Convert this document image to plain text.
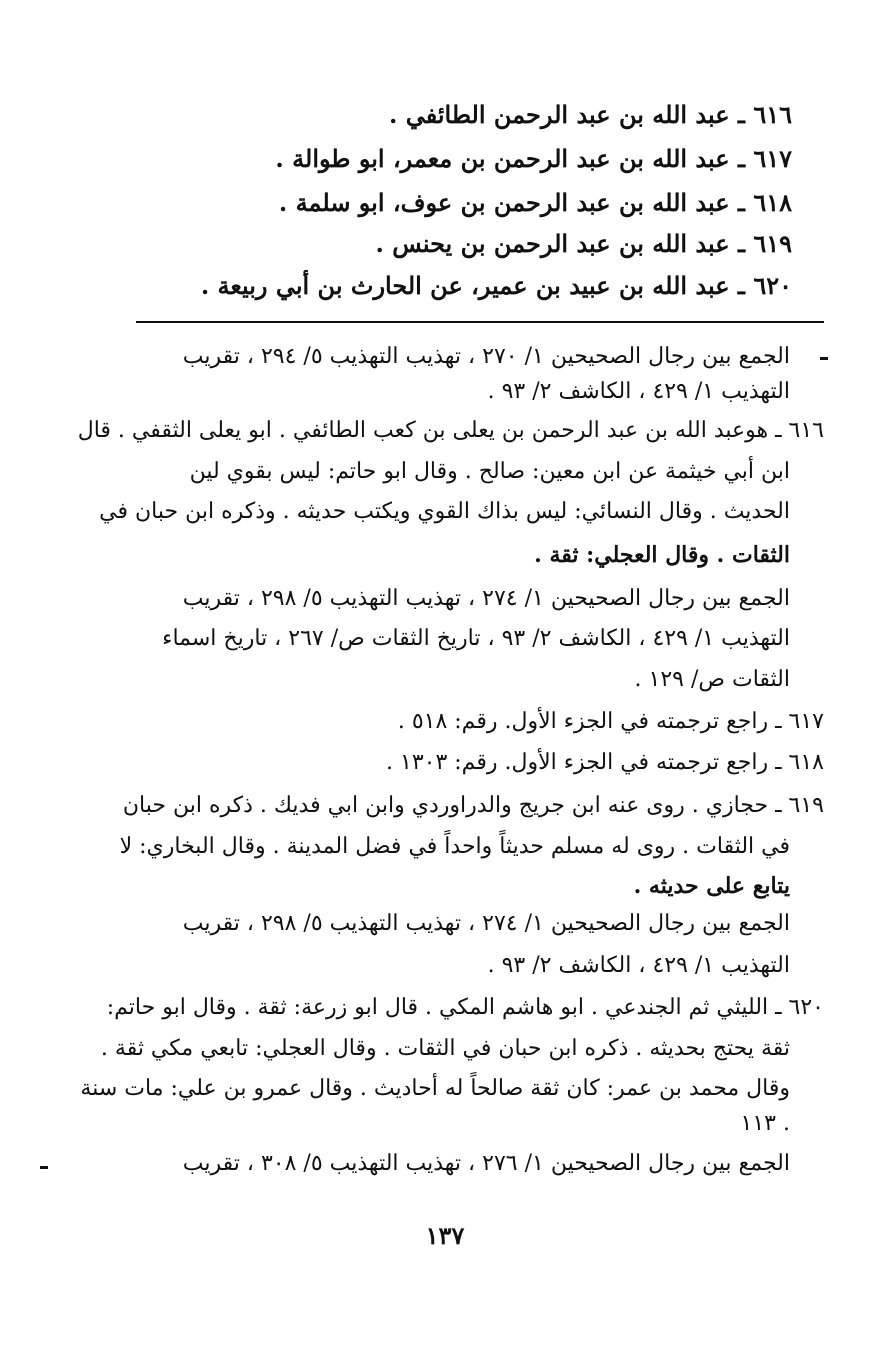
٦١٦ ـ عبد الله بن عبد الرحمن الطائفي .
٦١٧ ـ عبد الله بن عبد الرحمن بن معمر، ابو طوالة .
٦١٨ ـ عبد الله بن عبد الرحمن بن عوف، ابو سلمة .
٦١٩ ـ عبد الله بن عبد الرحمن بن يحنس .
٦٢٠ ـ عبد الله بن عبيد بن عمير، عن الحارث بن أبي ربيعة .
الجمع بين رجال الصحيحين ١/ ٢٧٠ ، تهذيب التهذيب ٥/ ٢٩٤ ، تقريب
التهذيب ١/ ٤٢٩ ، الكاشف ٢/ ٩٣ .
٦١٦ ـ هوعبد الله بن عبد الرحمن بن يعلى بن كعب الطائفي . ابو يعلى الثقفي . قال
ابن أبي خيثمة عن ابن معين: صالح . وقال ابو حاتم: ليس بقوي لين
الحديث . وقال النسائي: ليس بذاك القوي ويكتب حديثه . وذكره ابن حبان في
الثقات . وقال العجلي: ثقة .
الجمع بين رجال الصحيحين ١/ ٢٧٤ ، تهذيب التهذيب ٥/ ٢٩٨ ، تقريب
التهذيب ١/ ٤٢٩ ، الكاشف ٢/ ٩٣ ، تاريخ الثقات ص/ ٢٦٧ ، تاريخ اسماء
الثقات ص/ ١٢٩ .
٦١٧ ـ راجع ترجمته في الجزء الأول. رقم: ٥١٨ .
٦١٨ ـ راجع ترجمته في الجزء الأول. رقم: ١٣٠٣ .
٦١٩ ـ حجازي . روى عنه ابن جريج والدراوردي وابن ابي فديك . ذكره ابن حبان
في الثقات . روى له مسلم حديثاً واحداً في فضل المدينة . وقال البخاري: لا
يتابع على حديثه .
الجمع بين رجال الصحيحين ١/ ٢٧٤ ، تهذيب التهذيب ٥/ ٢٩٨ ، تقريب
التهذيب ١/ ٤٢٩ ، الكاشف ٢/ ٩٣ .
٦٢٠ ـ الليثي ثم الجندعي . ابو هاشم المكي . قال ابو زرعة: ثقة . وقال ابو حاتم:
ثقة يحتج بحديثه . ذكره ابن حبان في الثقات . وقال العجلي: تابعي مكي ثقة .
وقال محمد بن عمر: كان ثقة صالحاً له أحاديث . وقال عمرو بن علي: مات سنة
١١٣ .
الجمع بين رجال الصحيحين ١/ ٢٧٦ ، تهذيب التهذيب ٥/ ٣٠٨ ، تقريب
١٣٧
